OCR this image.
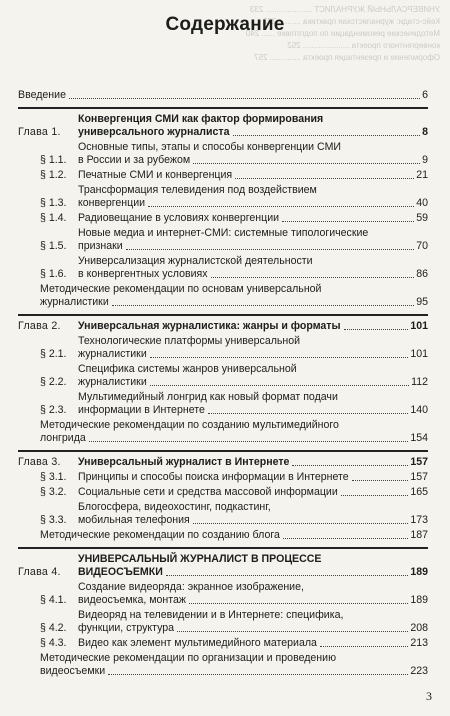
УНИВЕРСАЛЬНЫЙ ЖУРНАЛИСТ ..................... 233
Кейс-стади: журналистская практика .......... 233
Методические рекомендации по подготовке ...... 240
конвергентного проекта ..................... 252
Оформление и презентация проекта .............. 257
Содержание
Введение	6
Глава 1.
Конвергенция СМИ как фактор формирования
универсального журналиста	8
§ 1.1.
Основные типы, этапы и способы конвергенции СМИ
в России и за рубежом	9
§ 1.2.	Печатные СМИ и конвергенция	21
§ 1.3.
Трансформация телевидения под воздействием
конвергенции	40
§ 1.4.	Радиовещание в условиях конвергенции	59
§ 1.5.
Новые медиа и интернет-СМИ: системные типологические
признаки	70
§ 1.6.
Универсализация журналистской деятельности
в конвергентных условиях	86
Методические рекомендации по основам универсальной
журналистики	95
Глава 2.	Универсальная журналистика: жанры и форматы	101
§ 2.1.
Технологические платформы универсальной
журналистики	101
§ 2.2.
Специфика системы жанров универсальной
журналистики	112
§ 2.3.
Мультимедийный лонгрид как новый формат подачи
информации в Интернете	140
Методические рекомендации по созданию мультимедийного
лонгрида	154
Глава 3.	Универсальный журналист в Интернете	157
§ 3.1.	Принципы и способы поиска информации в Интернете	157
§ 3.2.	Социальные сети и средства массовой информации	165
§ 3.3.
Блогосфера, видеохостинг, подкастинг,
мобильная телефония	173
Методические рекомендации по созданию блога	187
Глава 4.
УНИВЕРСАЛЬНЫЙ ЖУРНАЛИСТ В ПРОЦЕССЕ
ВИДЕОСЪЕМКИ	189
§ 4.1.
Создание видеоряда: экранное изображение,
видеосъемка, монтаж	189
§ 4.2.
Видеоряд на телевидении и в Интернете: специфика,
функции, структура	208
§ 4.3.	Видео как элемент мультимедийного материала	213
Методические рекомендации по организации и проведению
видеосъемки	223
3
